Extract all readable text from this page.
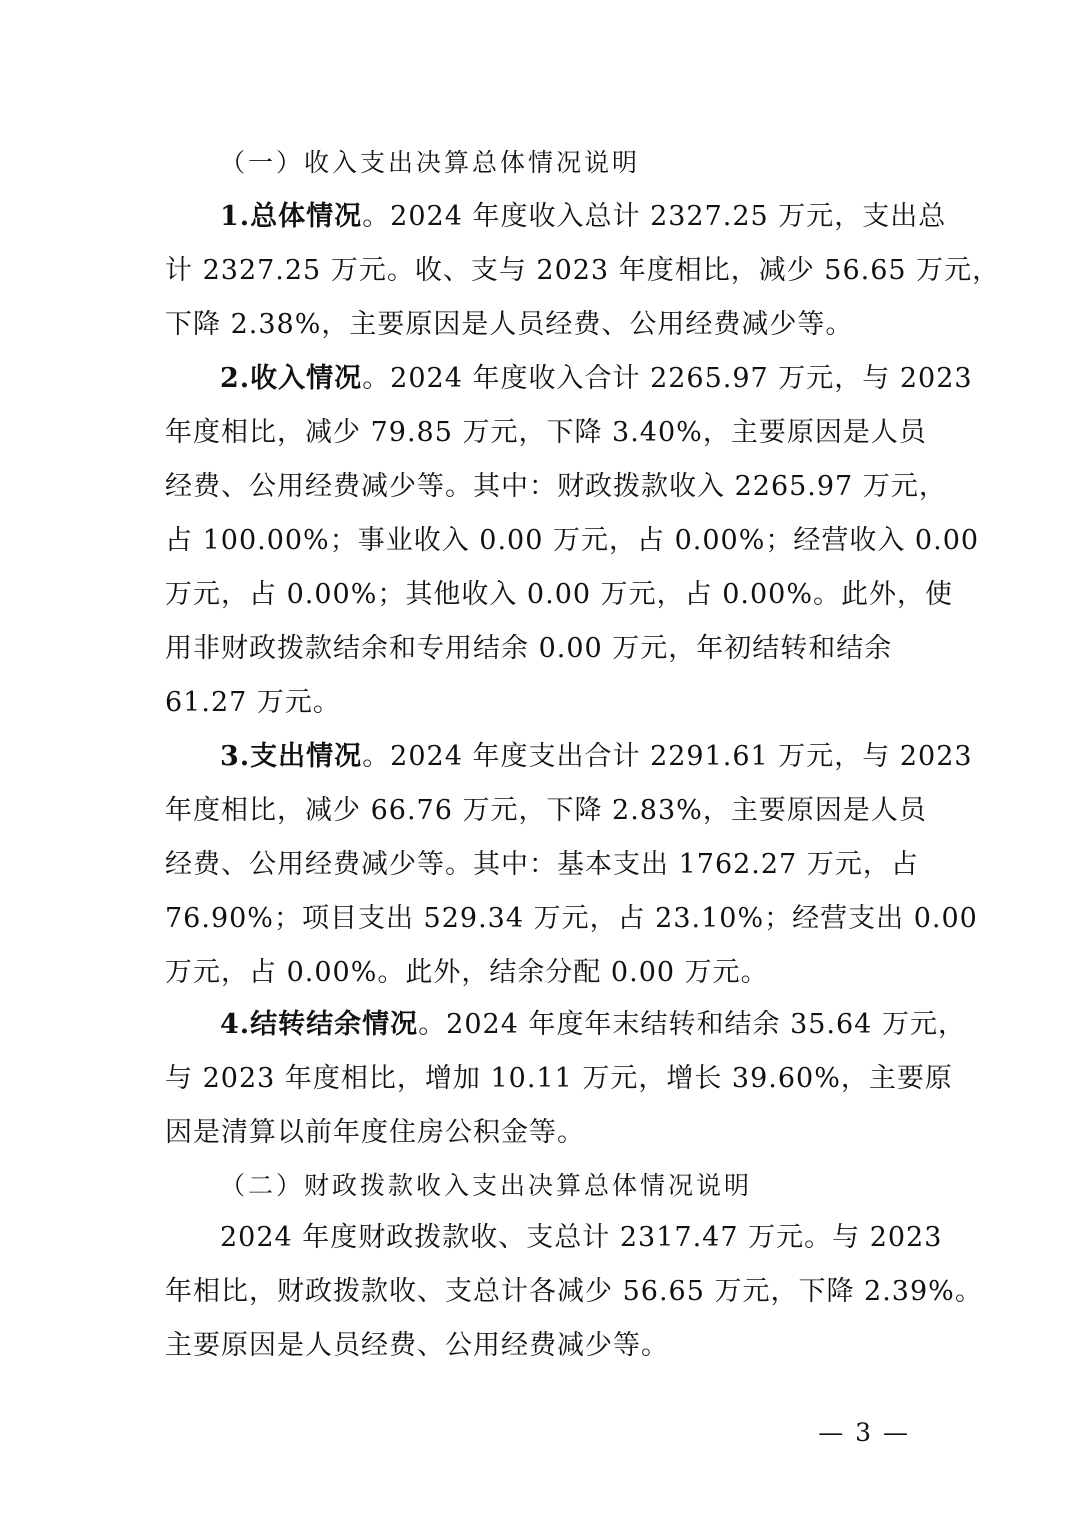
（一）收入支出决算总体情况说明
1.总体情况。2024 年度收入总计 2327.25 万元，支出总
计 2327.25 万元。收、支与 2023 年度相比，减少 56.65 万元，
下降 2.38%，主要原因是人员经费、公用经费减少等。
2.收入情况。2024 年度收入合计 2265.97 万元，与 2023
年度相比，减少 79.85 万元，下降 3.40%，主要原因是人员
经费、公用经费减少等。其中：财政拨款收入 2265.97 万元，
占 100.00%；事业收入 0.00 万元，占 0.00%；经营收入 0.00
万元，占 0.00%；其他收入 0.00 万元，占 0.00%。此外，使
用非财政拨款结余和专用结余 0.00 万元，年初结转和结余
61.27 万元。
3.支出情况。2024 年度支出合计 2291.61 万元，与 2023
年度相比，减少 66.76 万元，下降 2.83%，主要原因是人员
经费、公用经费减少等。其中：基本支出 1762.27 万元，占
76.90%；项目支出 529.34 万元，占 23.10%；经营支出 0.00
万元，占 0.00%。此外，结余分配 0.00 万元。
4.结转结余情况。2024 年度年末结转和结余 35.64 万元，
与 2023 年度相比，增加 10.11 万元，增长 39.60%，主要原
因是清算以前年度住房公积金等。
（二）财政拨款收入支出决算总体情况说明
2024 年度财政拨款收、支总计 2317.47 万元。与 2023
年相比，财政拨款收、支总计各减少 56.65 万元，下降 2.39%。
主要原因是人员经费、公用经费减少等。
— 3 —
